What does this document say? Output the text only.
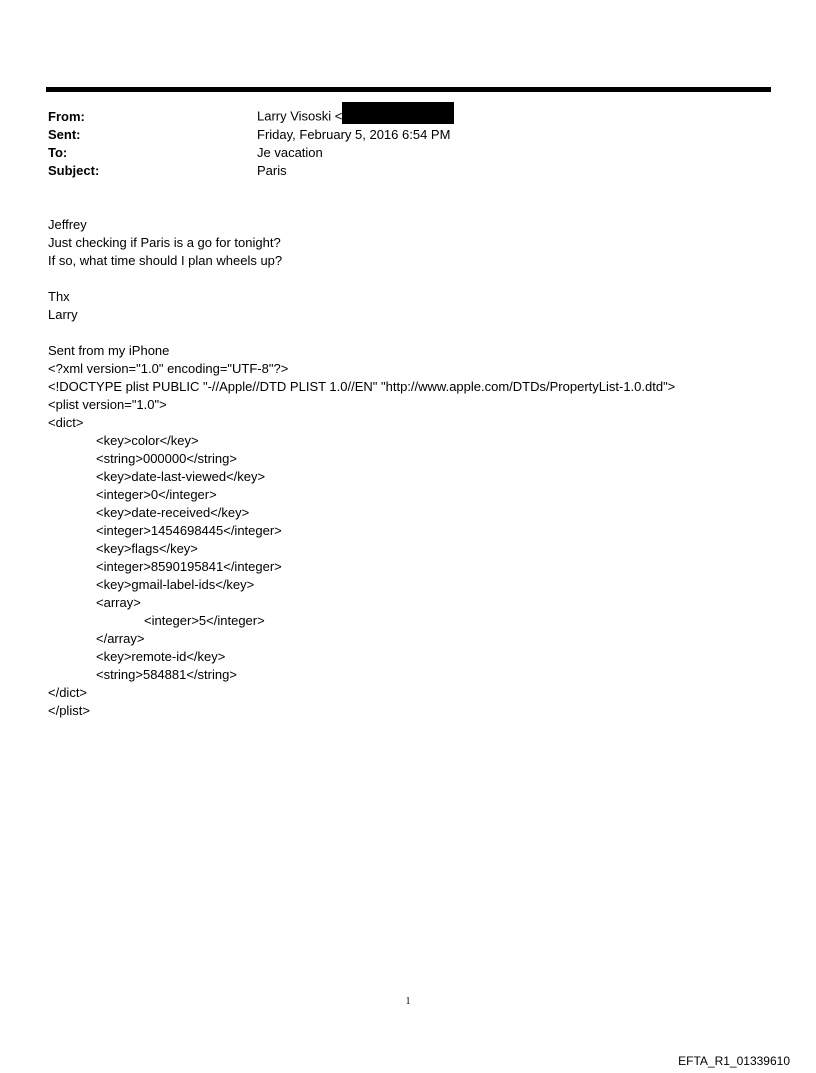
From:	Larry Visoski <
Sent:	Friday, February 5, 2016 6:54 PM
To:	Je vacation
Subject:	Paris
Jeffrey
Just checking if Paris is a go for tonight?
If so, what time should I plan wheels up?
Thx
Larry
Sent from my iPhone
<?xml version="1.0" encoding="UTF-8"?>
<!DOCTYPE plist PUBLIC "-//Apple//DTD PLIST 1.0//EN" "http://www.apple.com/DTDs/PropertyList-1.0.dtd">
<plist version="1.0">
<dict>
<key>color</key>
<string>000000</string>
<key>date-last-viewed</key>
<integer>0</integer>
<key>date-received</key>
<integer>1454698445</integer>
<key>flags</key>
<integer>8590195841</integer>
<key>gmail-label-ids</key>
<array>
<integer>5</integer>
</array>
<key>remote-id</key>
<string>584881</string>
</dict>
</plist>
1
EFTA_R1_01339610
